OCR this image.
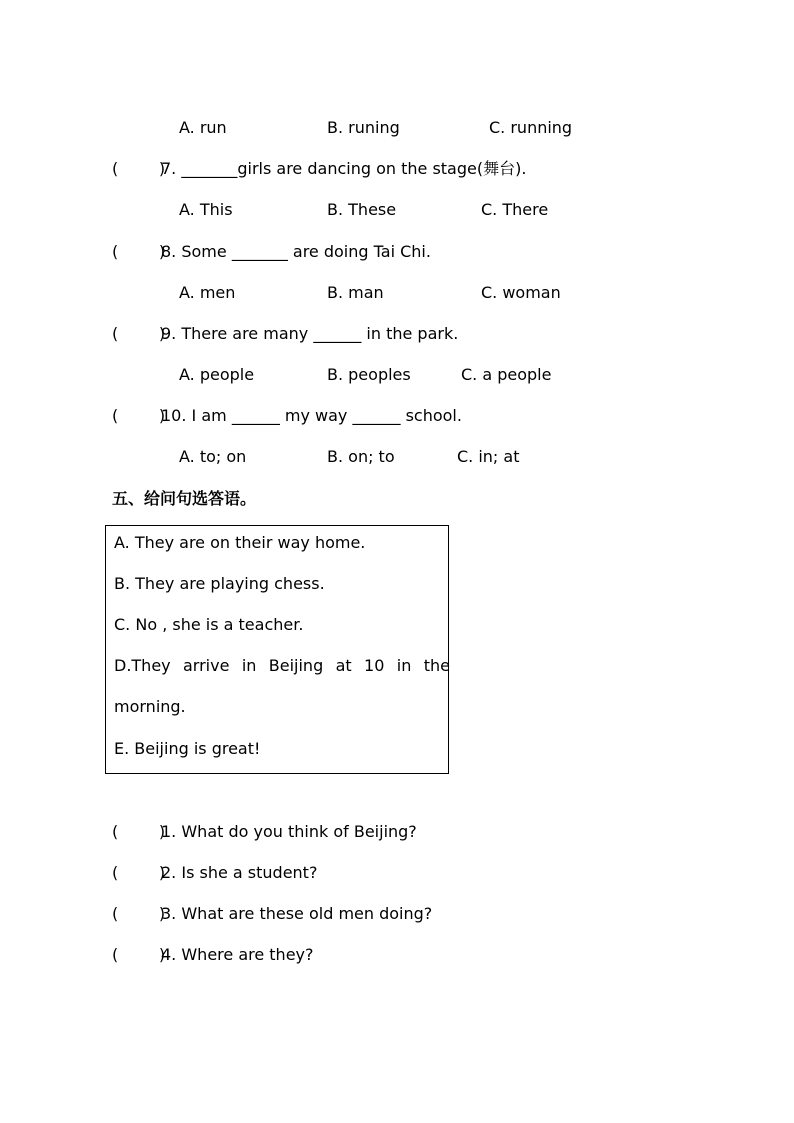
A. run	B. runing	C. running
(        )
7. _______girls are dancing on the stage(舞台).
A. This	B. These	C. There
(        )
8. Some _______ are doing Tai Chi.
A. men	B. man	C. woman
(        )
9. There are many ______ in the park.
A. people	B. peoples	C. a people
(        )
10. I am ______ my way ______ school.
A. to; on	B. on; to	C. in; at
五、给问句选答语。
A. They are on their way home.
B. They are playing chess.
C. No , she is a teacher.
D.They arrive in Beijing at 10 in the
morning.
E. Beijing is great!
(        )
1. What do you think of Beijing?
(        )
2. Is she a student?
(        )
3. What are these old men doing?
(        )
4. Where are they?
